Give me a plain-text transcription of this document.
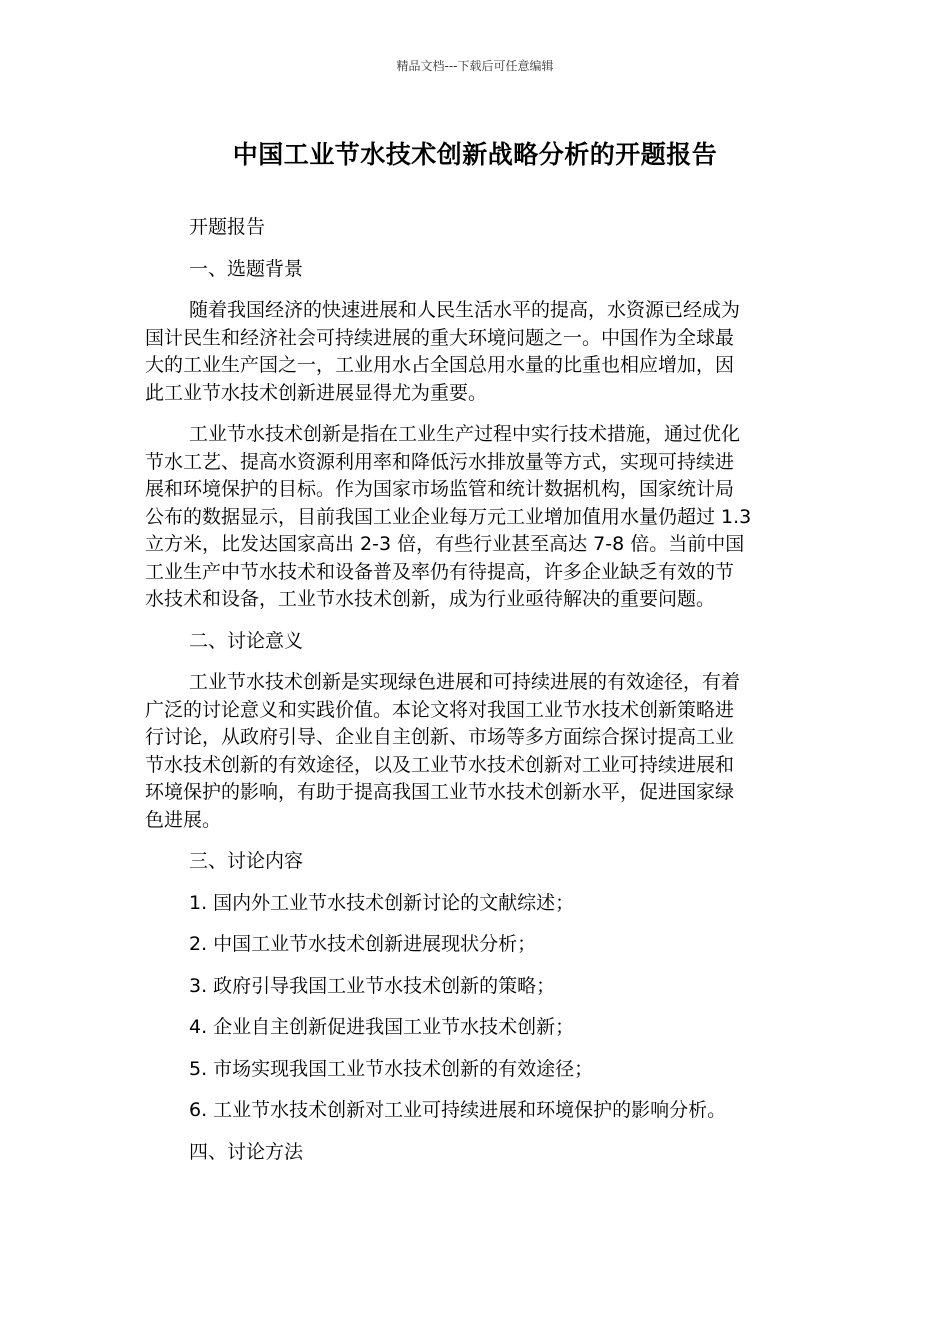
精品文档---下载后可任意编辑
中国工业节水技术创新战略分析的开题报告
开题报告
一、选题背景
随着我国经济的快速进展和人民生活水平的提高，水资源已经成为
国计民生和经济社会可持续进展的重大环境问题之一。中国作为全球最
大的工业生产国之一，工业用水占全国总用水量的比重也相应增加，因
此工业节水技术创新进展显得尤为重要。
工业节水技术创新是指在工业生产过程中实行技术措施，通过优化
节水工艺、提高水资源利用率和降低污水排放量等方式，实现可持续进
展和环境保护的目标。作为国家市场监管和统计数据机构，国家统计局
公布的数据显示，目前我国工业企业每万元工业增加值用水量仍超过 1.3
立方米，比发达国家高出 2-3 倍，有些行业甚至高达 7-8 倍。当前中国
工业生产中节水技术和设备普及率仍有待提高，许多企业缺乏有效的节
水技术和设备，工业节水技术创新，成为行业亟待解决的重要问题。
二、讨论意义
工业节水技术创新是实现绿色进展和可持续进展的有效途径，有着
广泛的讨论意义和实践价值。本论文将对我国工业节水技术创新策略进
行讨论，从政府引导、企业自主创新、市场等多方面综合探讨提高工业
节水技术创新的有效途径，以及工业节水技术创新对工业可持续进展和
环境保护的影响，有助于提高我国工业节水技术创新水平，促进国家绿
色进展。
三、讨论内容
1. 国内外工业节水技术创新讨论的文献综述；
2. 中国工业节水技术创新进展现状分析；
3. 政府引导我国工业节水技术创新的策略；
4. 企业自主创新促进我国工业节水技术创新；
5. 市场实现我国工业节水技术创新的有效途径；
6. 工业节水技术创新对工业可持续进展和环境保护的影响分析。
四、讨论方法
